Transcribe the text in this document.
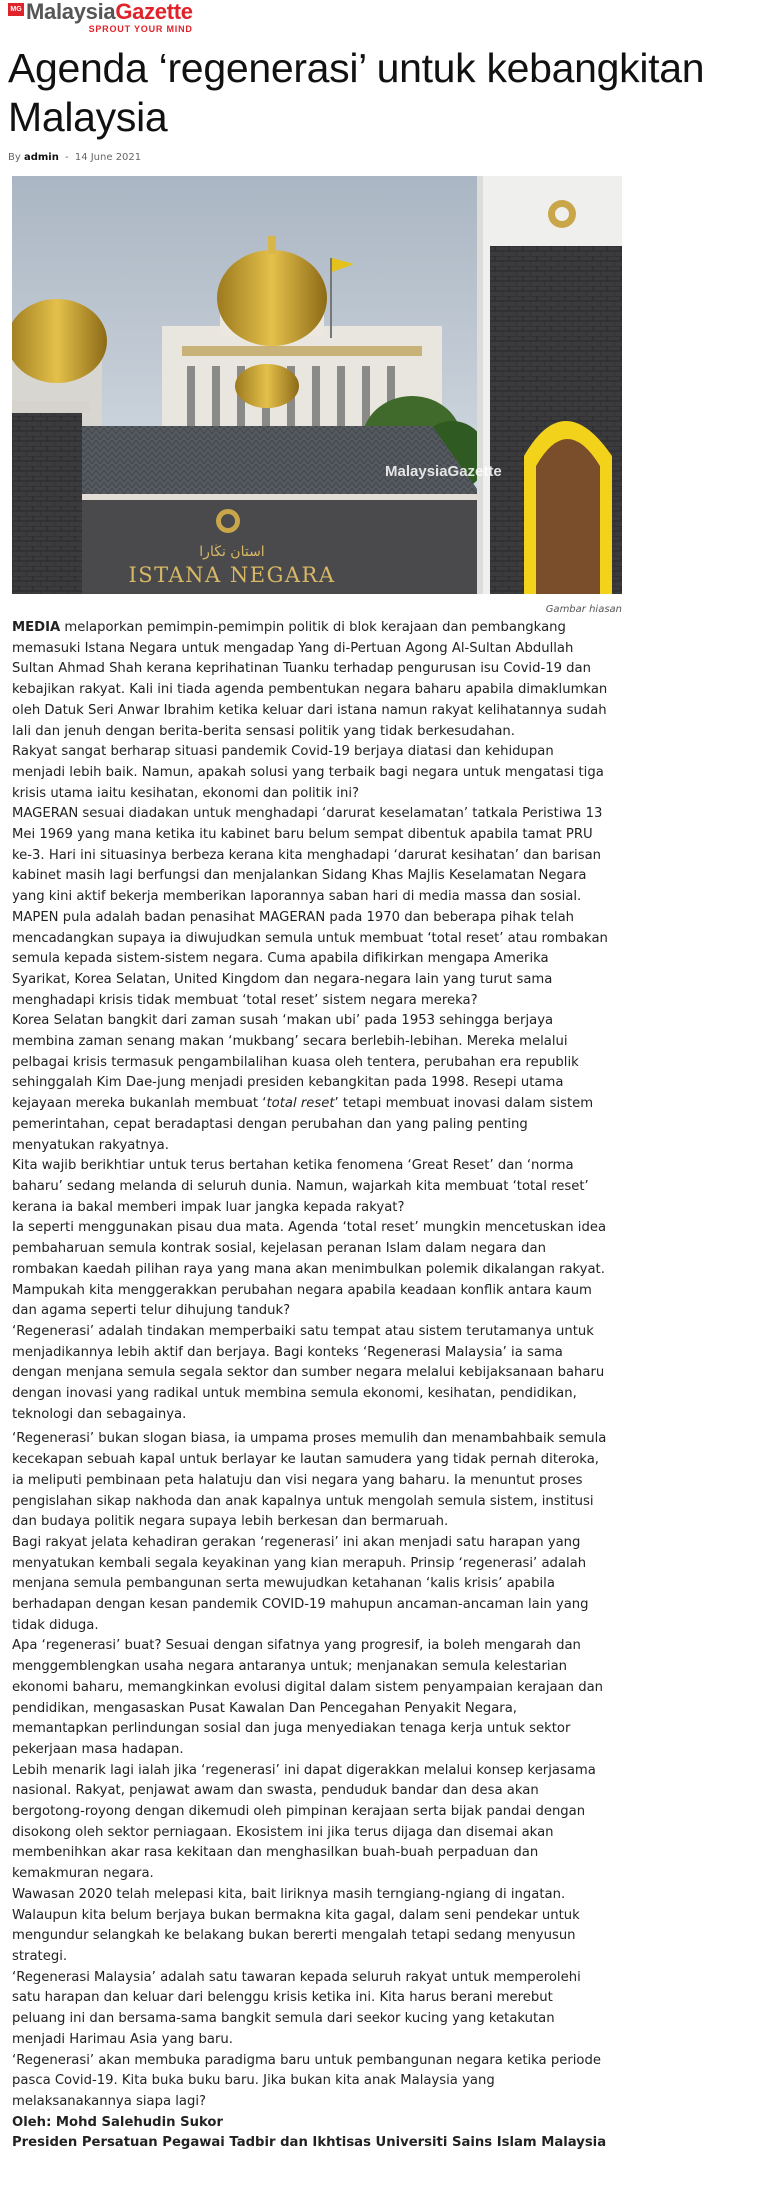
MG MalaysiaGazette
SPROUT YOUR MIND
Agenda ‘regenerasi’ untuk kebangkitan Malaysia
By admin - 14 June 2021
استان نڬارا
ISTANA NEGARA
MalaysiaGazette
Gambar hiasan

MEDIA melaporkan pemimpin-pemimpin politik di blok kerajaan dan pembangkang memasuki Istana Negara untuk mengadap Yang di-Pertuan Agong Al-Sultan Abdullah Sultan Ahmad Shah kerana keprihatinan Tuanku terhadap pengurusan isu Covid-19 dan kebajikan rakyat. Kali ini tiada agenda pembentukan negara baharu apabila dimaklumkan oleh Datuk Seri Anwar Ibrahim ketika keluar dari istana namun rakyat kelihatannya sudah lali dan jenuh dengan berita-berita sensasi politik yang tidak berkesudahan.

Rakyat sangat berharap situasi pandemik Covid-19 berjaya diatasi dan kehidupan menjadi lebih baik. Namun, apakah solusi yang terbaik bagi negara untuk mengatasi tiga krisis utama iaitu kesihatan, ekonomi dan politik ini?

MAGERAN sesuai diadakan untuk menghadapi ‘darurat keselamatan’ tatkala Peristiwa 13 Mei 1969 yang mana ketika itu kabinet baru belum sempat dibentuk apabila tamat PRU ke-3. Hari ini situasinya berbeza kerana kita menghadapi ‘darurat kesihatan’ dan barisan kabinet masih lagi berfungsi dan menjalankan Sidang Khas Majlis Keselamatan Negara yang kini aktif bekerja memberikan laporannya saban hari di media massa dan sosial.

MAPEN pula adalah badan penasihat MAGERAN pada 1970 dan beberapa pihak telah mencadangkan supaya ia diwujudkan semula untuk membuat ‘total reset’ atau rombakan semula kepada sistem-sistem negara. Cuma apabila difikirkan mengapa Amerika Syarikat, Korea Selatan, United Kingdom dan negara-negara lain yang turut sama menghadapi krisis tidak membuat ‘total reset’ sistem negara mereka?

Korea Selatan bangkit dari zaman susah ‘makan ubi’ pada 1953 sehingga berjaya membina zaman senang makan ‘mukbang’ secara berlebih-lebihan. Mereka melalui pelbagai krisis termasuk pengambilalihan kuasa oleh tentera, perubahan era republik sehinggalah Kim Dae-jung menjadi presiden kebangkitan pada 1998. Resepi utama kejayaan mereka bukanlah membuat ‘total reset’ tetapi membuat inovasi dalam sistem pemerintahan, cepat beradaptasi dengan perubahan dan yang paling penting menyatukan rakyatnya.

Kita wajib berikhtiar untuk terus bertahan ketika fenomena ‘Great Reset’ dan ‘norma baharu’ sedang melanda di seluruh dunia. Namun, wajarkah kita membuat ‘total reset’ kerana ia bakal memberi impak luar jangka kepada rakyat?

Ia seperti menggunakan pisau dua mata. Agenda ‘total reset’ mungkin mencetuskan idea pembaharuan semula kontrak sosial, kejelasan peranan Islam dalam negara dan rombakan kaedah pilihan raya yang mana akan menimbulkan polemik dikalangan rakyat. Mampukah kita menggerakkan perubahan negara apabila keadaan konflik antara kaum dan agama seperti telur dihujung tanduk?

‘Regenerasi’ adalah tindakan memperbaiki satu tempat atau sistem terutamanya untuk menjadikannya lebih aktif dan berjaya. Bagi konteks ‘Regenerasi Malaysia’ ia sama dengan menjana semula segala sektor dan sumber negara melalui kebijaksanaan baharu dengan inovasi yang radikal untuk membina semula ekonomi, kesihatan, pendidikan, teknologi dan sebagainya.

‘Regenerasi’ bukan slogan biasa, ia umpama proses memulih dan menambahbaik semula kecekapan sebuah kapal untuk berlayar ke lautan samudera yang tidak pernah diteroka, ia meliputi pembinaan peta halatuju dan visi negara yang baharu. Ia menuntut proses pengislahan sikap nakhoda dan anak kapalnya untuk mengolah semula sistem, institusi dan budaya politik negara supaya lebih berkesan dan bermaruah.

Bagi rakyat jelata kehadiran gerakan ‘regenerasi’ ini akan menjadi satu harapan yang menyatukan kembali segala keyakinan yang kian merapuh. Prinsip ‘regenerasi’ adalah menjana semula pembangunan serta mewujudkan ketahanan ‘kalis krisis’ apabila berhadapan dengan kesan pandemik COVID-19 mahupun ancaman-ancaman lain yang tidak diduga.

Apa ‘regenerasi’ buat? Sesuai dengan sifatnya yang progresif, ia boleh mengarah dan menggemblengkan usaha negara antaranya untuk; menjanakan semula kelestarian ekonomi baharu, memangkinkan evolusi digital dalam sistem penyampaian kerajaan dan pendidikan, mengasaskan Pusat Kawalan Dan Pencegahan Penyakit Negara, memantapkan perlindungan sosial dan juga menyediakan tenaga kerja untuk sektor pekerjaan masa hadapan.

Lebih menarik lagi ialah jika ‘regenerasi’ ini dapat digerakkan melalui konsep kerjasama nasional. Rakyat, penjawat awam dan swasta, penduduk bandar dan desa akan bergotong-royong dengan dikemudi oleh pimpinan kerajaan serta bijak pandai dengan disokong oleh sektor perniagaan. Ekosistem ini jika terus dijaga dan disemai akan membenihkan akar rasa kekitaan dan menghasilkan buah-buah perpaduan dan kemakmuran negara.

Wawasan 2020 telah melepasi kita, bait liriknya masih terngiang-ngiang di ingatan. Walaupun kita belum berjaya bukan bermakna kita gagal, dalam seni pendekar untuk mengundur selangkah ke belakang bukan bererti mengalah tetapi sedang menyusun strategi.

‘Regenerasi Malaysia’ adalah satu tawaran kepada seluruh rakyat untuk memperolehi satu harapan dan keluar dari belenggu krisis ketika ini. Kita harus berani merebut peluang ini dan bersama-sama bangkit semula dari seekor kucing yang ketakutan menjadi Harimau Asia yang baru.

‘Regenerasi’ akan membuka paradigma baru untuk pembangunan negara ketika periode pasca Covid-19. Kita buka buku baru. Jika bukan kita anak Malaysia yang melaksanakannya siapa lagi?

Oleh: Mohd Salehudin Sukor

Presiden Persatuan Pegawai Tadbir dan Ikhtisas Universiti Sains Islam Malaysia
